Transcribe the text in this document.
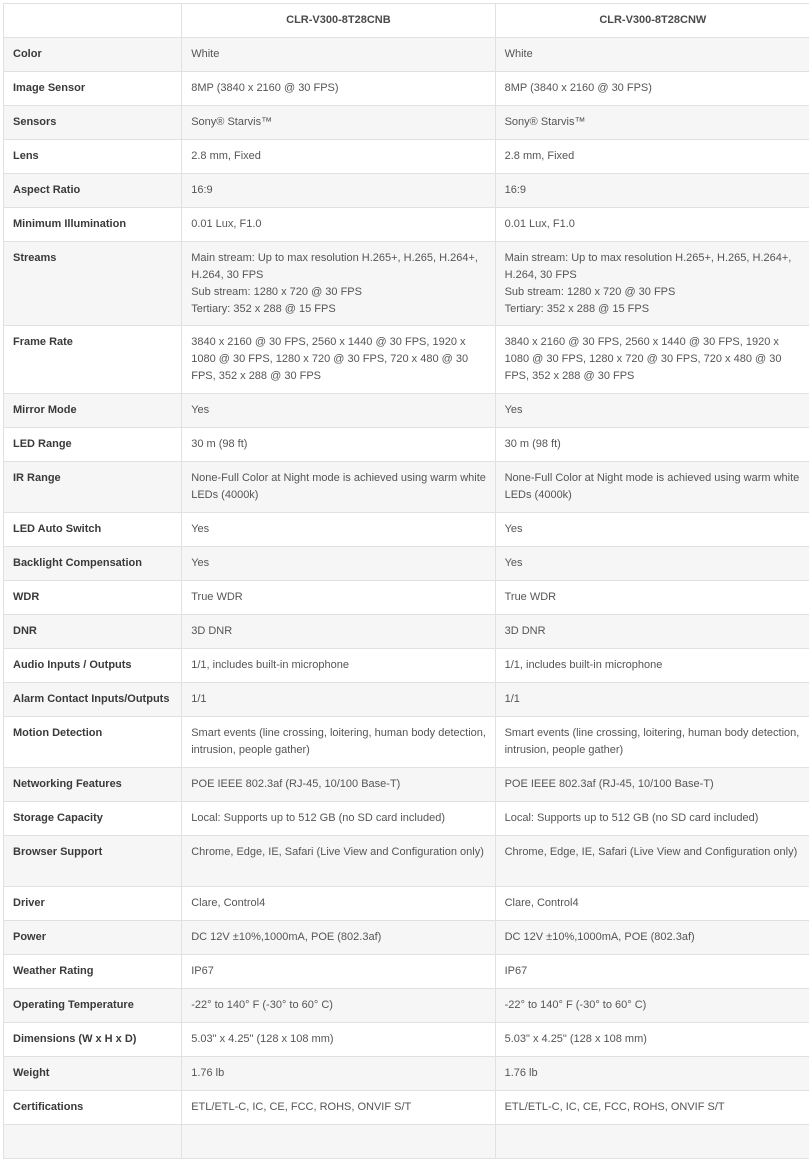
	CLR-V300-8T28CNB	CLR-V300-8T28CNW
Color	White	White
Image Sensor	8MP (3840 x 2160 @ 30 FPS)	8MP (3840 x 2160 @ 30 FPS)
Sensors	Sony® Starvis™	Sony® Starvis™
Lens	2.8 mm, Fixed	2.8 mm, Fixed
Aspect Ratio	16:9	16:9
Minimum Illumination	0.01 Lux, F1.0	0.01 Lux, F1.0
Streams	Main stream: Up to max resolution H.265+, H.265, H.264+, H.264, 30 FPS
Sub stream: 1280 x 720 @ 30 FPS
Tertiary: 352 x 288 @ 15 FPS	Main stream: Up to max resolution H.265+, H.265, H.264+, H.264, 30 FPS
Sub stream: 1280 x 720 @ 30 FPS
Tertiary: 352 x 288 @ 15 FPS
Frame Rate	3840 x 2160 @ 30 FPS, 2560 x 1440 @ 30 FPS, 1920 x 1080 @ 30 FPS, 1280 x 720 @ 30 FPS, 720 x 480 @ 30 FPS, 352 x 288 @ 30 FPS	3840 x 2160 @ 30 FPS, 2560 x 1440 @ 30 FPS, 1920 x 1080 @ 30 FPS, 1280 x 720 @ 30 FPS, 720 x 480 @ 30 FPS, 352 x 288 @ 30 FPS
Mirror Mode	Yes	Yes
LED Range	30 m (98 ft)	30 m (98 ft)
IR Range	None-Full Color at Night mode is achieved using warm white LEDs (4000k)	None-Full Color at Night mode is achieved using warm white LEDs (4000k)
LED Auto Switch	Yes	Yes
Backlight Compensation	Yes	Yes
WDR	True WDR	True WDR
DNR	3D DNR	3D DNR
Audio Inputs / Outputs	1/1, includes built-in microphone	1/1, includes built-in microphone
Alarm Contact Inputs/Outputs	1/1	1/1
Motion Detection	Smart events (line crossing, loitering, human body detection, intrusion, people gather)	Smart events (line crossing, loitering, human body detection, intrusion, people gather)
Networking Features	POE IEEE 802.3af (RJ-45, 10/100 Base-T)	POE IEEE 802.3af (RJ-45, 10/100 Base-T)
Storage Capacity	Local: Supports up to 512 GB (no SD card included)	Local: Supports up to 512 GB (no SD card included)
Browser Support	Chrome, Edge, IE, Safari (Live View and Configuration only)	Chrome, Edge, IE, Safari (Live View and Configuration only)
Driver	Clare, Control4	Clare, Control4
Power	DC 12V ±10%,1000mA, POE (802.3af)	DC 12V ±10%,1000mA, POE (802.3af)
Weather Rating	IP67	IP67
Operating Temperature	-22° to 140° F (-30° to 60° C)	-22° to 140° F (-30° to 60° C)
Dimensions (W x H x D)	5.03" x 4.25" (128 x 108 mm)	5.03" x 4.25" (128 x 108 mm)
Weight	1.76 lb	1.76 lb
Certifications	ETL/ETL-C, IC, CE, FCC, ROHS, ONVIF S/T	ETL/ETL-C, IC, CE, FCC, ROHS, ONVIF S/T
